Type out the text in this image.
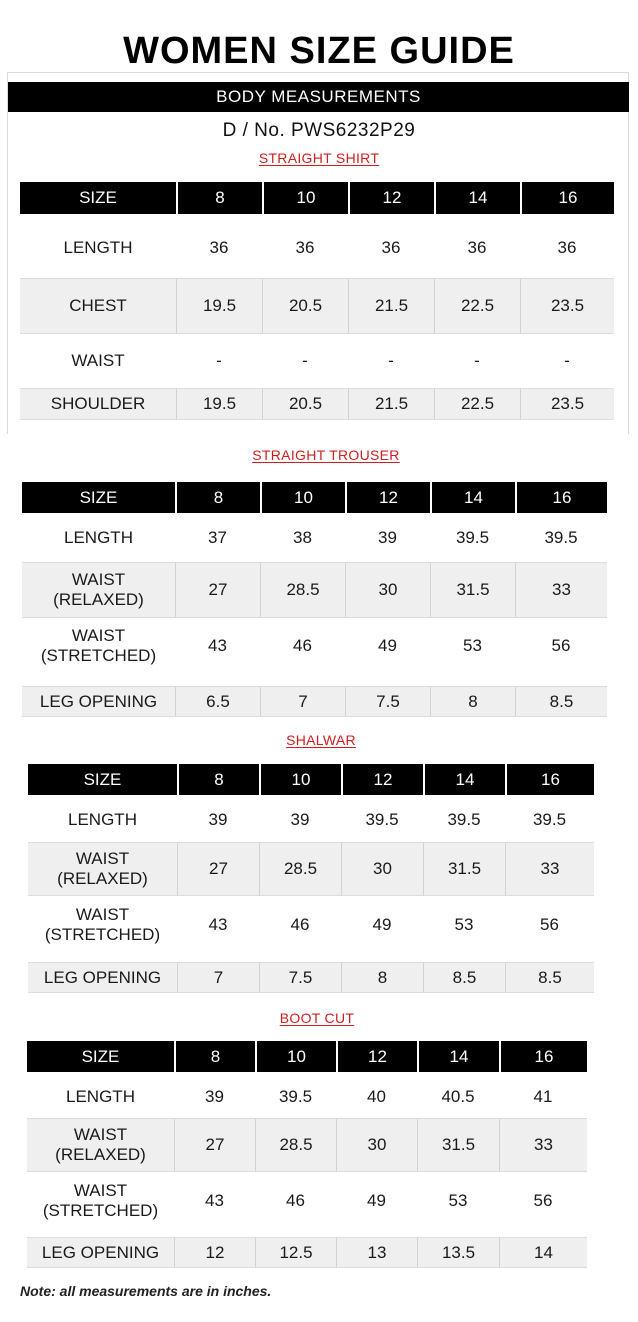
WOMEN SIZE GUIDE
BODY MEASUREMENTS
D / No. PWS6232P29
STRAIGHT SHIRT
SIZE	8	10	12	14	16
LENGTH	36	36	36	36	36
CHEST	19.5	20.5	21.5	22.5	23.5
WAIST	-	-	-	-	-
SHOULDER	19.5	20.5	21.5	22.5	23.5
STRAIGHT TROUSER
SIZE	8	10	12	14	16
LENGTH	37	38	39	39.5	39.5
WAIST
(RELAXED)
27	28.5	30	31.5	33
WAIST
(STRETCHED)
43	46	49	53	56
LEG OPENING	6.5	7	7.5	8	8.5
SHALWAR
SIZE	8	10	12	14	16
LENGTH	39	39	39.5	39.5	39.5
WAIST
(RELAXED)
27	28.5	30	31.5	33
WAIST
(STRETCHED)
43	46	49	53	56
LEG OPENING	7	7.5	8	8.5	8.5
BOOT CUT
SIZE	8	10	12	14	16
LENGTH	39	39.5	40	40.5	41
WAIST
(RELAXED)
27	28.5	30	31.5	33
WAIST
(STRETCHED)
43	46	49	53	56
LEG OPENING	12	12.5	13	13.5	14
Note: all measurements are in inches.
